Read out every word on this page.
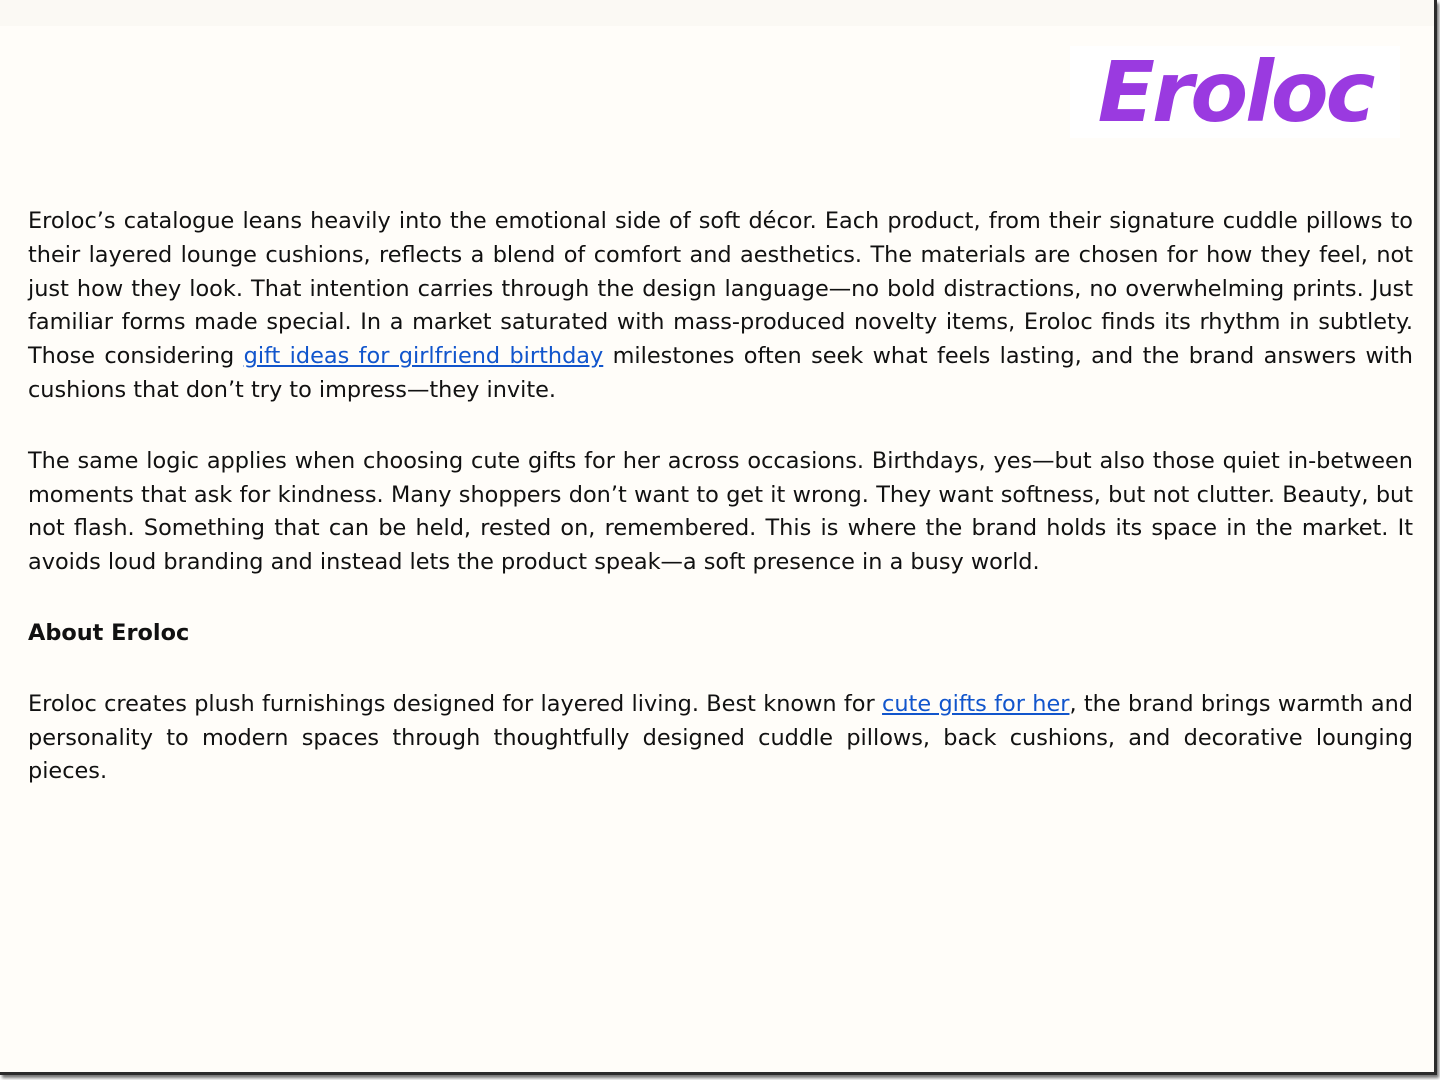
Eroloc

Eroloc’s catalogue leans heavily into the emotional side of soft décor. Each product, from their signature cuddle pillows to their layered lounge cushions, reflects a blend of comfort and aesthetics. The materials are chosen for how they feel, not just how they look. That intention carries through the design language—no bold distractions, no overwhelming prints. Just familiar forms made special. In a market saturated with mass-produced novelty items, Eroloc finds its rhythm in subtlety. Those considering gift ideas for girlfriend birthday milestones often seek what feels lasting, and the brand answers with cushions that don’t try to impress—they invite.

The same logic applies when choosing cute gifts for her across occasions. Birthdays, yes—but also those quiet in-between moments that ask for kindness. Many shoppers don’t want to get it wrong. They want softness, but not clutter. Beauty, but not flash. Something that can be held, rested on, remembered. This is where the brand holds its space in the market. It avoids loud branding and instead lets the product speak—a soft presence in a busy world.

About Eroloc

Eroloc creates plush furnishings designed for layered living. Best known for cute gifts for her, the brand brings warmth and personality to modern spaces through thoughtfully designed cuddle pillows, back cushions, and decorative lounging pieces.
